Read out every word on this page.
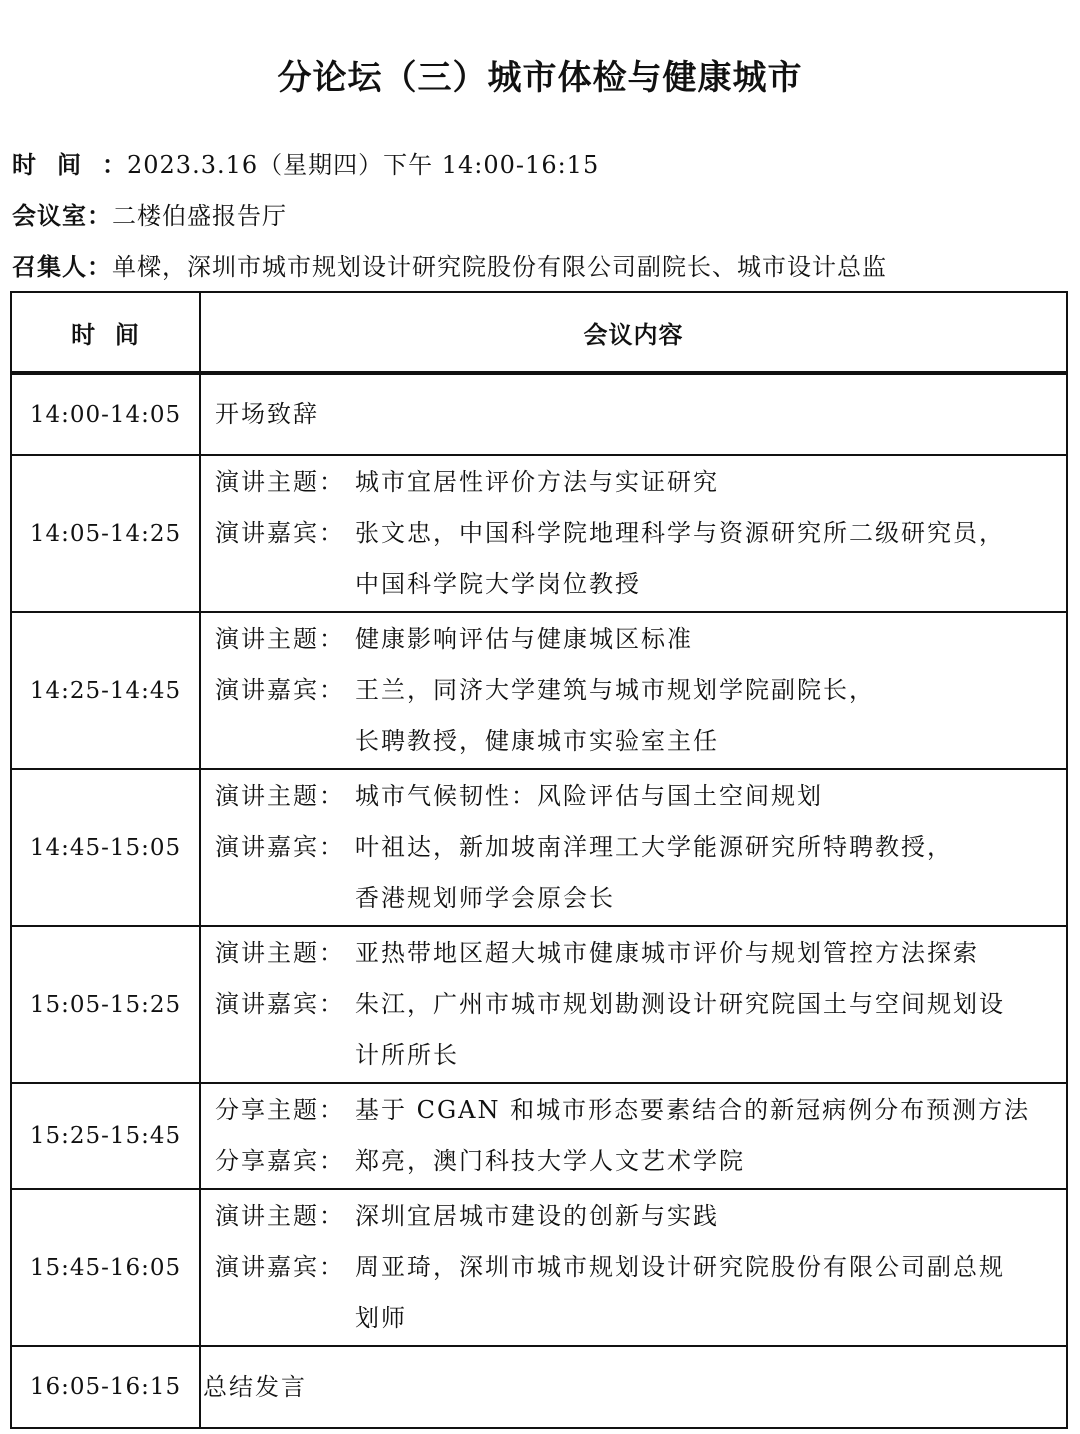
分论坛（三）城市体检与健康城市
时间：2023.3.16（星期四）下午 14:00-16:15
会议室：二楼伯盛报告厅
召集人：单樑，深圳市城市规划设计研究院股份有限公司副院长、城市设计总监
时  间	会议内容
14:00-14:05	开场致辞

14:05-14:25	演讲主题： 城市宜居性评价方法与实证研究
演讲嘉宾： 张文忠，中国科学院地理科学与资源研究所二级研究员，
中国科学院大学岗位教授

14:25-14:45	演讲主题： 健康影响评估与健康城区标准
演讲嘉宾： 王兰，同济大学建筑与城市规划学院副院长，
长聘教授，健康城市实验室主任

14:45-15:05	演讲主题： 城市气候韧性：风险评估与国土空间规划
演讲嘉宾： 叶祖达，新加坡南洋理工大学能源研究所特聘教授，
香港规划师学会原会长

15:05-15:25	演讲主题： 亚热带地区超大城市健康城市评价与规划管控方法探索
演讲嘉宾： 朱江，广州市城市规划勘测设计研究院国土与空间规划设
计所所长

15:25-15:45	分享主题： 基于 CGAN 和城市形态要素结合的新冠病例分布预测方法
分享嘉宾： 郑亮，澳门科技大学人文艺术学院

15:45-16:05	演讲主题： 深圳宜居城市建设的创新与实践
演讲嘉宾： 周亚琦，深圳市城市规划设计研究院股份有限公司副总规
划师

16:05-16:15	总结发言
